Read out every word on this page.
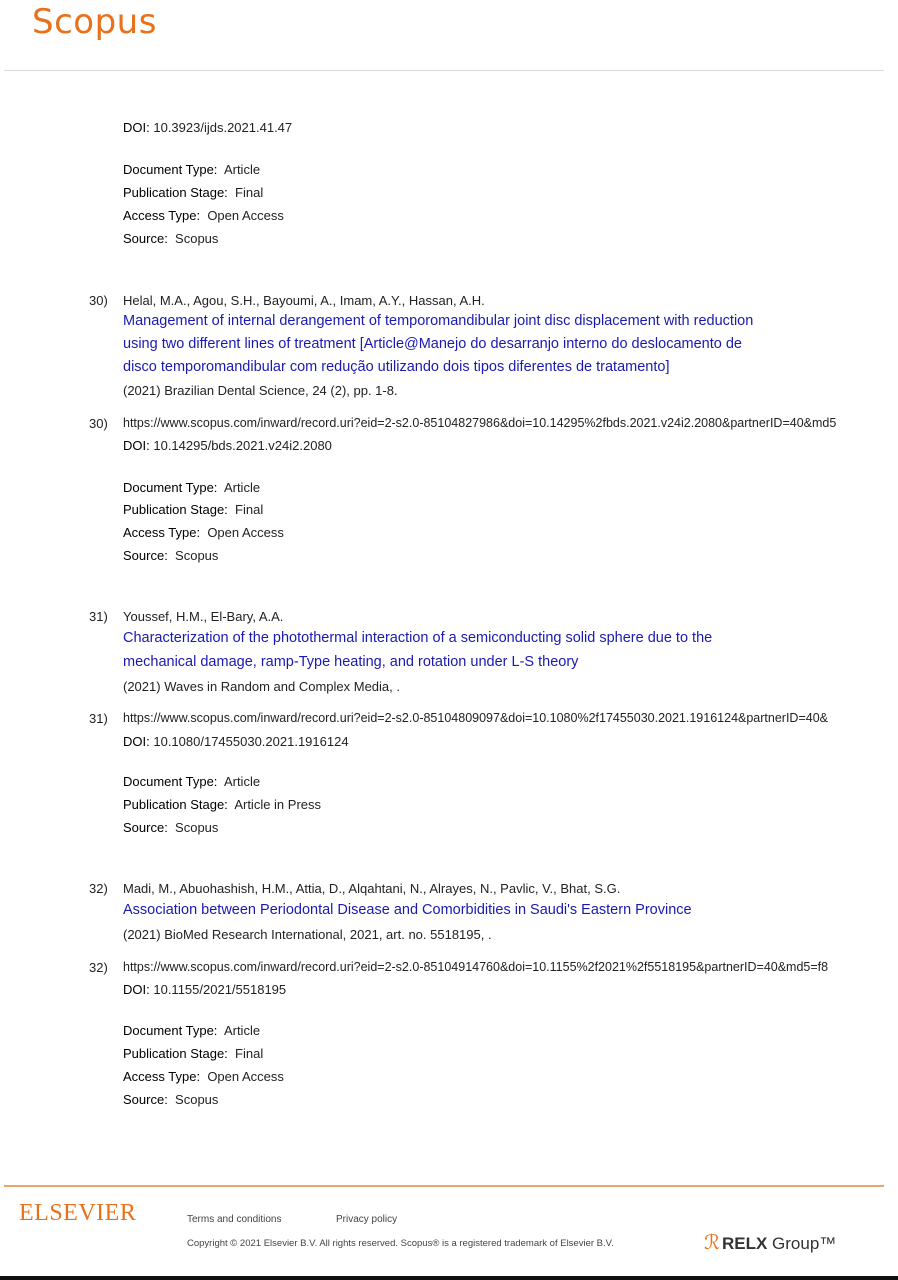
Scopus
DOI: 10.3923/ijds.2021.41.47
Document Type: Article
Publication Stage: Final
Access Type: Open Access
Source: Scopus
30) Helal, M.A., Agou, S.H., Bayoumi, A., Imam, A.Y., Hassan, A.H.
Management of internal derangement of temporomandibular joint disc displacement with reduction
using two different lines of treatment [Article@Manejo do desarranjo interno do deslocamento de
disco temporomandibular com redução utilizando dois tipos diferentes de tratamento]
(2021) Brazilian Dental Science, 24 (2), pp. 1-8.
30) https://www.scopus.com/inward/record.uri?eid=2-s2.0-85104827986&doi=10.14295%2fbds.2021.v24i2.2080&partnerID=40&md5
DOI: 10.14295/bds.2021.v24i2.2080
Document Type: Article
Publication Stage: Final
Access Type: Open Access
Source: Scopus
31) Youssef, H.M., El-Bary, A.A.
Characterization of the photothermal interaction of a semiconducting solid sphere due to the
mechanical damage, ramp-Type heating, and rotation under L-S theory
(2021) Waves in Random and Complex Media, .
31) https://www.scopus.com/inward/record.uri?eid=2-s2.0-85104809097&doi=10.1080%2f17455030.2021.1916124&partnerID=40&
DOI: 10.1080/17455030.2021.1916124
Document Type: Article
Publication Stage: Article in Press
Source: Scopus
32) Madi, M., Abuohashish, H.M., Attia, D., Alqahtani, N., Alrayes, N., Pavlic, V., Bhat, S.G.
Association between Periodontal Disease and Comorbidities in Saudi's Eastern Province
(2021) BioMed Research International, 2021, art. no. 5518195, .
32) https://www.scopus.com/inward/record.uri?eid=2-s2.0-85104914760&doi=10.1155%2f2021%2f5518195&partnerID=40&md5=f8
DOI: 10.1155/2021/5518195
Document Type: Article
Publication Stage: Final
Access Type: Open Access
Source: Scopus
ELSEVIER	Terms and conditions	Privacy policy
Copyright © 2021 Elsevier B.V. All rights reserved. Scopus® is a registered trademark of Elsevier B.V.	ℛ RELX Group™
